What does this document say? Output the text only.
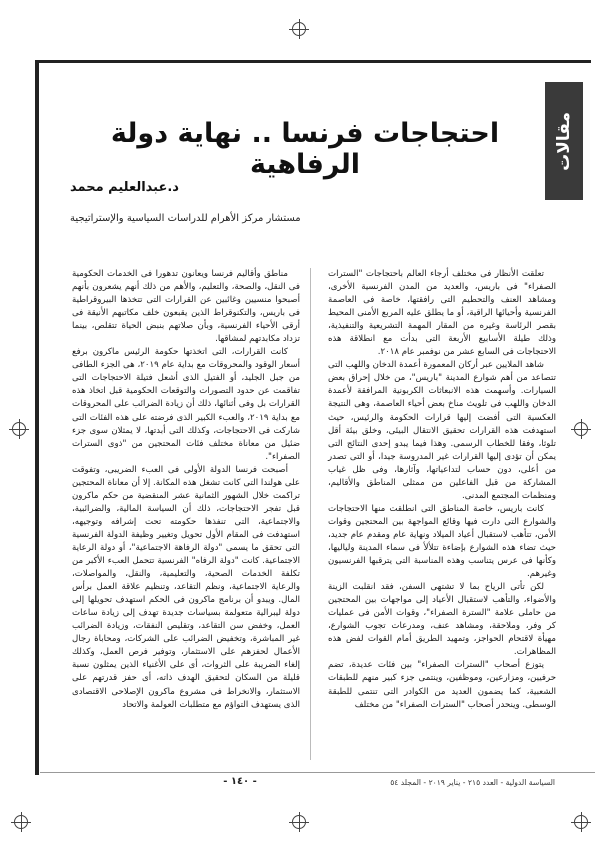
مقالات
احتجاجات فرنسا .. نهاية دولة الرفاهية
د.عبدالعليم محمد
مستشار مركز الأهرام للدراسات السياسية والإستراتيجية

تعلقت الأنظار فى مختلف أرجاء العالم باحتجاجات "السترات الصفراء" فى باريس، والعديد من المدن الفرنسية الأخرى، ومشاهد العنف والتحطيم التى رافقتها، خاصة فى العاصمة الفرنسية وأحيائها الراقية، أو ما يطلق عليه المربع الأمنى المحيط بقصر الرئاسة وغيره من المقار المهمة التشريعية والتنفيذية، وذلك طيلة الأسابيع الأربعة التى بدأت مع انطلاقة هذه الاحتجاجات فى السابع عشر من نوفمبر عام ٢٠١٨.

شاهد الملايين عبر أركان المعمورة أعمدة الدخان واللهب التى تتصاعد من أهم شوارع المدينة "باريس"، من خلال إحراق بعض السيارات. وأسهمت هذه الانبعاثات الكربونية المرافقة لأعمدة الدخان واللهب فى تلويث مناخ بعض أحياء العاصمة، وهى النتيجة العكسية التى أفضت إليها قرارات الحكومة والرئيس، حيث استهدفت هذه القرارات تحقيق الانتقال البيئى، وخلق بيئة أقل تلوثا، وفقا للخطاب الرسمى. وهذا فيما يبدو إحدى النتائج التى يمكن أن تؤدى إليها القرارات غير المدروسة جيدا، أو التى تصدر من أعلى، دون حساب لتداعياتها، وآثارها، وفى ظل غياب المشاركة من قبل الفاعلين من ممثلى المناطق والأقاليم، ومنظمات المجتمع المدنى.

كانت باريس، خاصة المناطق التى انطلقت منها الاحتجاجات والشوارع التى دارت فيها وقائع المواجهة بين المحتجين وقوات الأمن، تتأهب لاستقبال أعياد الميلاد ونهاية عام ومقدم عام جديد، حيث تضاء هذه الشوارع بإضاءة تتلألأ فى سماء المدينة ولياليها، وكأنها فى عرس يتناسب وهذه المناسبة التى يترقبها الفرنسيون وغيرهم.

لكن تأتى الرياح بما لا تشتهى السفن، فقد انقلبت الزينة والأضواء، والتأهب لاستقبال الأعياد إلى مواجهات بين المحتجين من حاملى علامة "السترة الصفراء"، وقوات الأمن فى عمليات كر وفر، وملاحقة، ومشاهد عنف، ومدرعات تجوب الشوارع، مهيأة لاقتحام الحواجز، وتمهيد الطريق أمام القوات لفض هذه المظاهرات.

يتوزع أصحاب "السترات الصفراء" بين فئات عديدة، تضم حرفيين، ومزارعين، وموظفين، وينتمى جزء كبير منهم للطبقات الشعبية، كما يضمون العديد من الكوادر التى تنتمى للطبقة الوسطى. وينحدر أصحاب "السترات الصفراء" من مختلف

مناطق وأقاليم فرنسا ويعانون تدهورا فى الخدمات الحكومية فى النقل، والصحة، والتعليم، والأهم من ذلك أنهم يشعرون بأنهم أصبحوا منسيين وغائبين عن القرارات التى تتخذها البيروقراطية فى باريس، والتكنوقراط الذين يقبعون خلف مكاتبهم الأنيقة فى أرقى الأحياء الفرنسية، وبأن صلاتهم بنبض الحياة تتقلص، بينما تزداد مكابدتهم لمشاقها.

كانت القرارات، التى اتخذتها حكومة الرئيس ماكرون برفع أسعار الوقود والمحروقات مع بداية عام ٢٠١٩، هى الجزء الطافى من جبل الجليد، أو الفتيل الذى أشعل فتيلة الاحتجاجات التى تفاقمت عن حدود التصورات والتوقعات الحكومية قبل اتخاذ هذه القرارات بل وفى أثنائها، ذلك أن زيادة الضرائب على المحروقات مع بداية ٢٠١٩، والعبء الكبير الذى فرضته على هذه الفئات التى شاركت فى الاحتجاجات، وكذلك التى أبدتها، لا يمثلان سوى جزء ضئيل من معاناة مختلف فئات المحتجين من "ذوى السترات الصفراء".

أصبحت فرنسا الدولة الأولى فى العبء الضريبى، وتفوقت على هولندا التى كانت تشغل هذه المكانة. إلا أن معاناة المحتجين تراكمت خلال الشهور الثمانية عشر المنقضية من حكم ماكرون قبل تفجر الاحتجاجات، ذلك أن السياسة المالية، والضرائبية، والاجتماعية، التى تنفذها حكومته تحت إشرافه وتوجيهه، استهدفت فى المقام الأول تحويل وتغيير وظيفة الدولة الفرنسية التى تحقق ما يسمى "دولة الرفاهة الاجتماعية"، أو دولة الرعاية الاجتماعية. كانت "دولة الرفاه" الفرنسية تتحمل العبء الأكبر من تكلفة الخدمات الصحية، والتعليمية، والنقل، والمواصلات، والرعاية الاجتماعية، ونظم التقاعد، وتنظيم علاقة العمل برأس المال. ويبدو أن برنامج ماكرون فى الحكم استهدف تحويلها إلى دولة ليبرالية متعولمة بسياسات جديدة تهدف إلى زيادة ساعات العمل، وخفض سن التقاعد، وتقليص النفقات، وزيادة الضرائب غير المباشرة، وتخفيض الضرائب على الشركات، ومحاباة رجال الأعمال لحفزهم على الاستثمار، وتوفير فرص العمل، وكذلك إلغاء الضريبة على الثروات، أى على الأغنياء الذين يمثلون نسبة قليلة من السكان لتحقيق الهدف ذاته، أى حفز قدرتهم على الاستثمار، والانخراط فى مشروع ماكرون الإصلاحى الاقتصادى الذى يستهدف التواؤم مع متطلبات العولمة والاتحاد

- ١٤٠ -	السياسة الدولية - العدد ٢١٥ - يناير ٢٠١٩ - المجلد ٥٤
